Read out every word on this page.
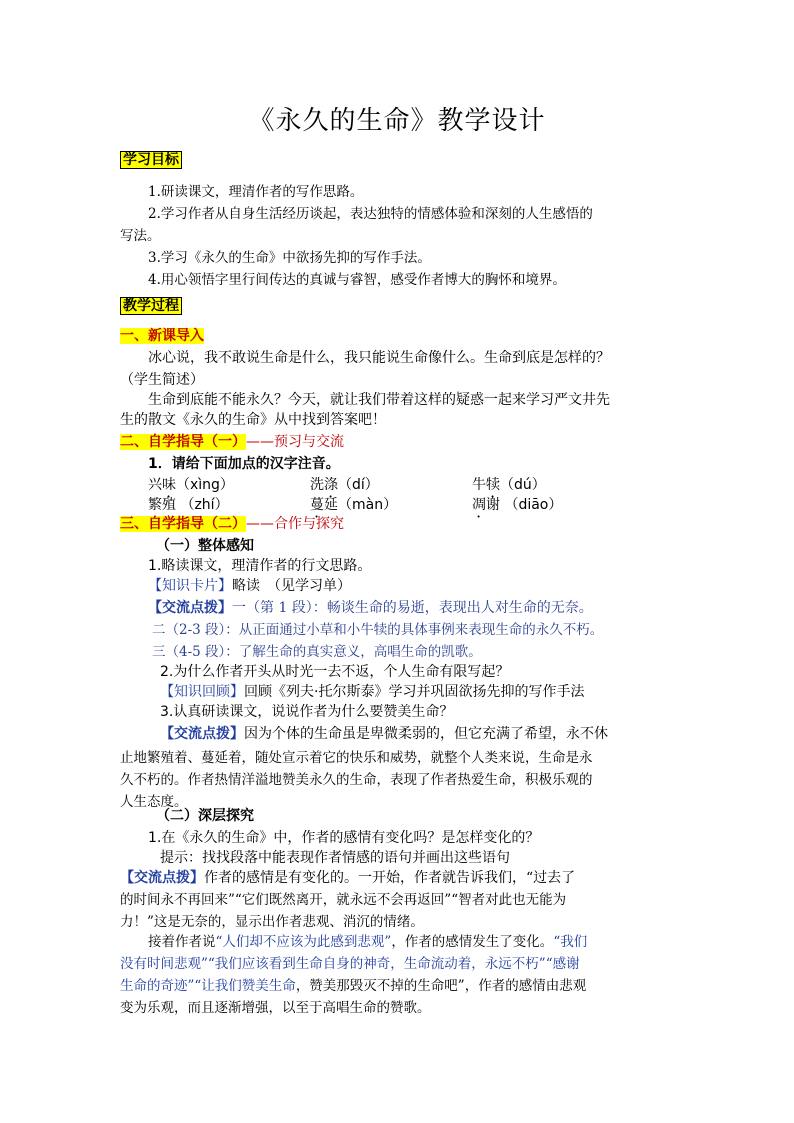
《永久的生命》教学设计
学习目标
1.研读课文，理清作者的写作思路。
2.学习作者从自身生活经历谈起，表达独特的情感体验和深刻的人生感悟的
写法。
3.学习《永久的生命》中欲扬先抑的写作手法。
4.用心领悟字里行间传达的真诚与睿智，感受作者博大的胸怀和境界。
教学过程
一、新课导入
冰心说，我不敢说生命是什么，我只能说生命像什么。生命到底是怎样的？
（学生简述）
生命到底能不能永久？今天，就让我们带着这样的疑惑一起来学习严文井先
生的散文《永久的生命》从中找到答案吧！
二、自学指导（一）——预习与交流
1．请给下面加点的汉字注音。
兴味（xìng）	洗涤（dí）	牛犊（dú）
繁殖 （zhí）	蔓延（màn）	凋谢 （diāo）
三、自学指导（二）——合作与探究
（一）整体感知
1.略读课文，理清作者的行文思路。
【知识卡片】略读　（见学习单）
【交流点拨】一（第 1 段）：畅谈生命的易逝，表现出人对生命的无奈。
二（2-3 段）：从正面通过小草和小牛犊的具体事例来表现生命的永久不朽。
三（4-5 段）：了解生命的真实意义，高唱生命的凯歌。
2.为什么作者开头从时光一去不返，个人生命有限写起？
【知识回顾】回顾《列夫·托尔斯泰》学习并巩固欲扬先抑的写作手法
3.认真研读课文，说说作者为什么要赞美生命？
【交流点拨】因为个体的生命虽是卑微柔弱的，但它充满了希望，永不休
止地繁殖着、蔓延着，随处宣示着它的快乐和威势，就整个人类来说，生命是永
久不朽的。作者热情洋溢地赞美永久的生命，表现了作者热爱生命，积极乐观的
人生态度。
（二）深层探究
1.在《永久的生命》中，作者的感情有变化吗？是怎样变化的？
提示：找找段落中能表现作者情感的语句并画出这些语句
【交流点拨】作者的感情是有变化的。一开始，作者就告诉我们，“过去了
的时间永不再回来”“它们既然离开，就永远不会再返回”“智者对此也无能为
力！”这是无奈的，显示出作者悲观、消沉的情绪。
接着作者说“人们却不应该为此感到悲观”，作者的感情发生了变化。“我们
没有时间悲观”“我们应该看到生命自身的神奇，生命流动着，永远不朽”“感谢
生命的奇迹”“让我们赞美生命，赞美那毁灭不掉的生命吧”，作者的感情由悲观
变为乐观，而且逐渐增强，以至于高唱生命的赞歌。
